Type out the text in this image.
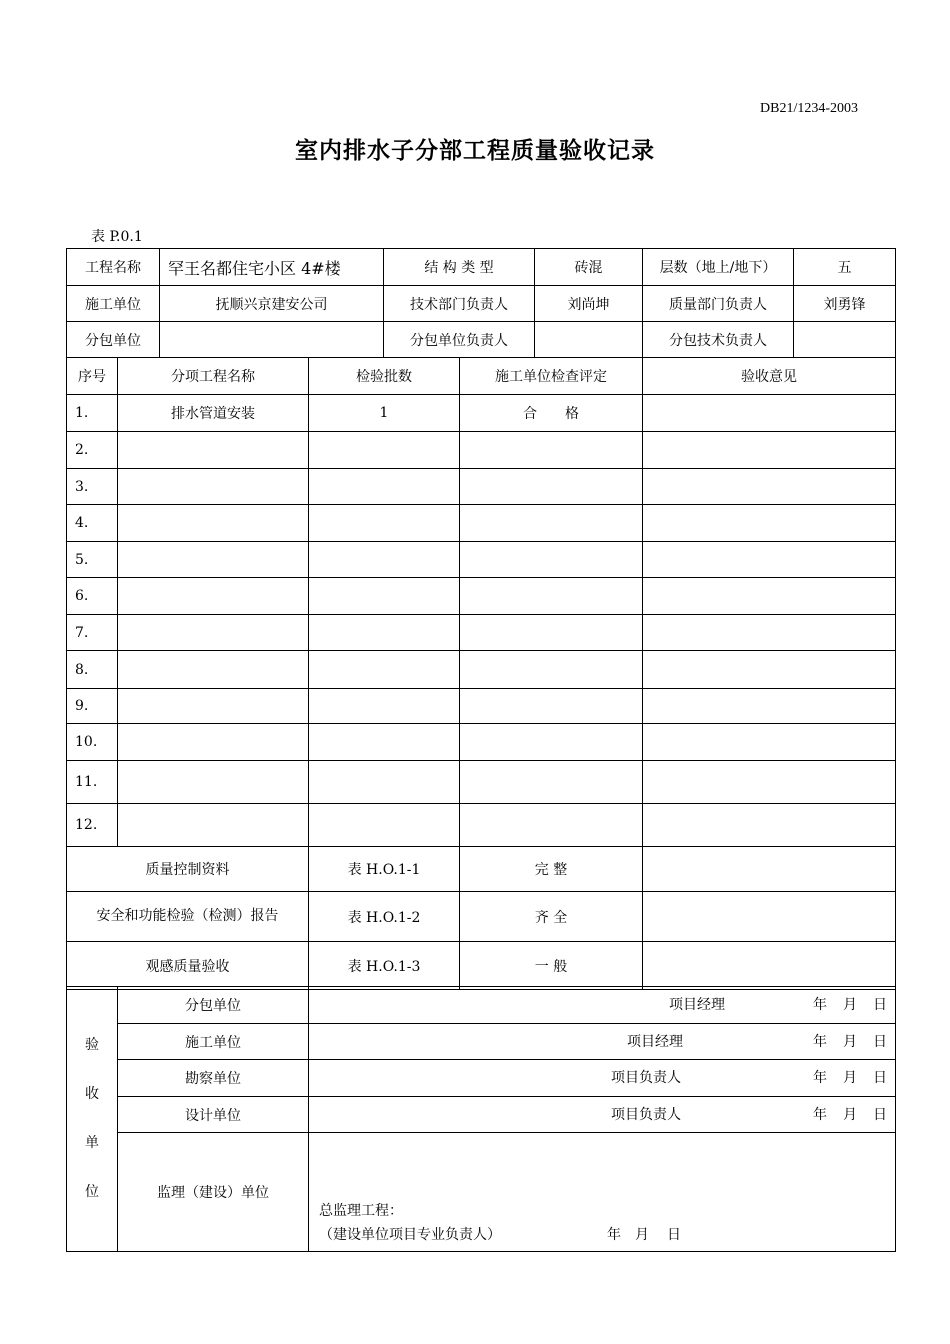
DB21/1234-2003
室内排水子分部工程质量验收记录
表 P.0.1
工程名称	罕王名都住宅小区 4#楼	结 构 类 型	砖混	层数（地上/地下）	五
施工单位	抚顺兴京建安公司	技术部门负责人	刘尚坤	质量部门负责人	刘勇锋
分包单位		分包单位负责人		分包技术负责人	
序号	分项工程名称	检验批数	施工单位检查评定	验收意见
1.	排水管道安装	1	合　　格	
2.				
3.				
4.				
5.				
6.				
7.				
8.				
9.				
10.				
11.				
12.				
质量控制资料		表 H.O.1-1	完 整	
安全和功能检验（检测）报告		表 H.O.1-2	齐 全	
观感质量验收		表 H.O.1-3	一 般	
验
收
单
位	分包单位	项目经理 年 月 日

	施工单位	项目经理 年 月 日

	勘察单位	项目负责人 年 月 日

	设计单位	项目负责人 年 月 日

	监理（建设）单位	总监理工程：
（建设单位项目专业负责人） 年 月 日
